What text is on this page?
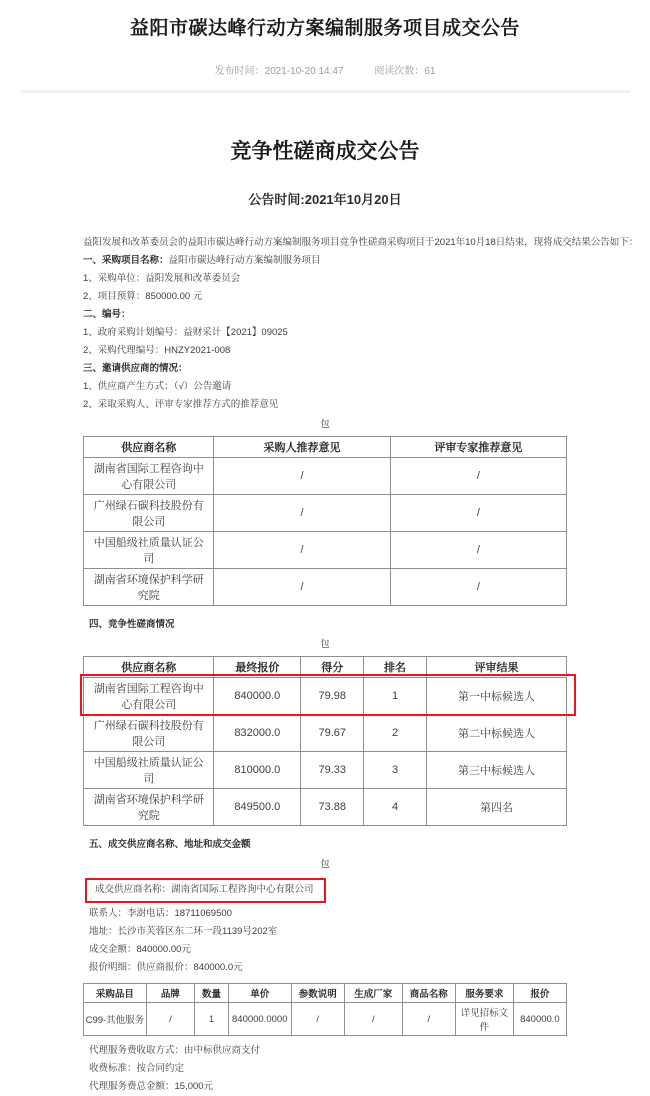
益阳市碳达峰行动方案编制服务项目成交公告
发布时间：2021-10-20 14:47	阅读次数：61
竞争性磋商成交公告
公告时间:2021年10月20日

益阳发展和改革委员会的益阳市碳达峰行动方案编制服务项目竞争性磋商采购项目于2021年10月18日结束，现将成交结果公告如下：

一、采购项目名称：益阳市碳达峰行动方案编制服务项目

1、采购单位：益阳发展和改革委员会

2、项目预算：850000.00 元

二、编号：

1、政府采购计划编号：益财采计【2021】09025

2、采购代理编号：HNZY2021-008

三、邀请供应商的情况：

1、供应商产生方式：（√）公告邀请

2、采取采购人、评审专家推荐方式的推荐意见

包

供应商名称	采购人推荐意见	评审专家推荐意见
湖南省国际工程咨询中心有限公司	/	/
广州绿石碳科技股份有限公司	/	/
中国船级社质量认证公司	/	/
湖南省环境保护科学研究院	/	/

四、竞争性磋商情况

包

供应商名称	最终报价	得分	排名	评审结果
湖南省国际工程咨询中心有限公司	840000.0	79.98	1	第一中标候选人
广州绿石碳科技股份有限公司	832000.0	79.67	2	第二中标候选人
中国船级社质量认证公司	810000.0	79.33	3	第三中标候选人
湖南省环境保护科学研究院	849500.0	73.88	4	第四名

五、成交供应商名称、地址和成交金额

包

成交供应商名称：湖南省国际工程咨询中心有限公司

联系人：李澍电话：18711069500

地址：长沙市芙蓉区东二环一段1139号202室

成交金额：840000.00元

报价明细：供应商报价：840000.0元

采购品目	品牌	数量	单价	参数说明	生成厂家	商品名称	服务要求	报价
C99-其他服务	/	1	840000.0000	/	/	/	详见招标文件	840000.0

代理服务费收取方式：由中标供应商支付

收费标准：按合同约定

代理服务费总金额：15,000元
